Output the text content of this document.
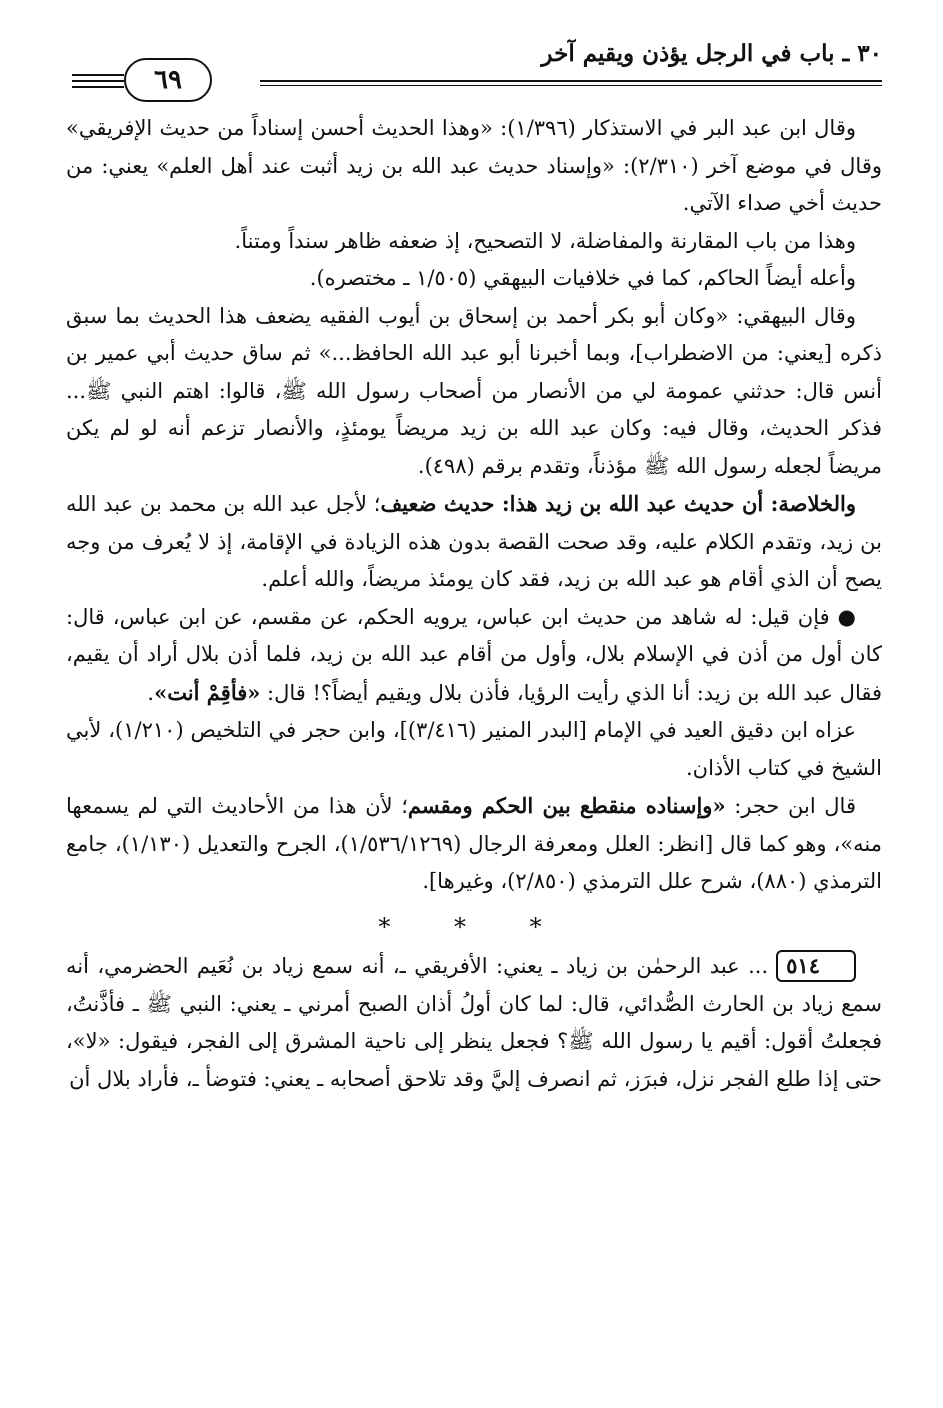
٣٠ ـ باب في الرجل يؤذن ويقيم آخر
٦٩

وقال ابن عبد البر في الاستذكار (١/٣٩٦): «وهذا الحديث أحسن إسناداً من حديث الإفريقي» وقال في موضع آخر (٢/٣١٠): «وإسناد حديث عبد الله بن زيد أثبت عند أهل العلم» يعني: من حديث أخي صداء الآتي.

وهذا من باب المقارنة والمفاضلة، لا التصحيح، إذ ضعفه ظاهر سنداً ومتناً.

وأعله أيضاً الحاكم، كما في خلافيات البيهقي (١/٥٠٥ ـ مختصره).

وقال البيهقي: «وكان أبو بكر أحمد بن إسحاق بن أيوب الفقيه يضعف هذا الحديث بما سبق ذكره [يعني: من الاضطراب]، وبما أخبرنا أبو عبد الله الحافظ...» ثم ساق حديث أبي عمير بن أنس قال: حدثني عمومة لي من الأنصار من أصحاب رسول الله ﷺ، قالوا: اهتم النبي ﷺ... فذكر الحديث، وقال فيه: وكان عبد الله بن زيد مريضاً يومئذٍ، والأنصار تزعم أنه لو لم يكن مريضاً لجعله رسول الله ﷺ مؤذناً، وتقدم برقم (٤٩٨).

والخلاصة: أن حديث عبد الله بن زيد هذا: حديث ضعيف؛ لأجل عبد الله بن محمد بن عبد الله بن زيد، وتقدم الكلام عليه، وقد صحت القصة بدون هذه الزيادة في الإقامة، إذ لا يُعرف من وجه يصح أن الذي أقام هو عبد الله بن زيد، فقد كان يومئذ مريضاً، والله أعلم.

● فإن قيل: له شاهد من حديث ابن عباس، يرويه الحكم، عن مقسم، عن ابن عباس، قال: كان أول من أذن في الإسلام بلال، وأول من أقام عبد الله بن زيد، فلما أذن بلال أراد أن يقيم، فقال عبد الله بن زيد: أنا الذي رأيت الرؤيا، فأذن بلال ويقيم أيضاً؟! قال: «فأقِمْ أنت».

عزاه ابن دقيق العيد في الإمام [البدر المنير (٣/٤١٦)]، وابن حجر في التلخيص (١/٢١٠)، لأبي الشيخ في كتاب الأذان.

قال ابن حجر: «وإسناده منقطع بين الحكم ومقسم؛ لأن هذا من الأحاديث التي لم يسمعها منه»، وهو كما قال [انظر: العلل ومعرفة الرجال (١/٥٣٦/١٢٦٩)، الجرح والتعديل (١/١٣٠)، جامع الترمذي (٨٨٠)، شرح علل الترمذي (٢/٨٥٠)، وغيرها].

* * *

٥١٤... عبد الرحمٰن بن زياد ـ يعني: الأفريقي ـ، أنه سمع زياد بن نُعَيم الحضرمي، أنه سمع زياد بن الحارث الصُّدائي، قال: لما كان أولُ أذان الصبح أمرني ـ يعني: النبي ﷺ ـ فأذَّنتُ، فجعلتُ أقول: أقيم يا رسول الله ﷺ؟ فجعل ينظر إلى ناحية المشرق إلى الفجر، فيقول: «لا»، حتى إذا طلع الفجر نزل، فبرَز، ثم انصرف إليَّ وقد تلاحق أصحابه ـ يعني: فتوضأ ـ، فأراد بلال أن
